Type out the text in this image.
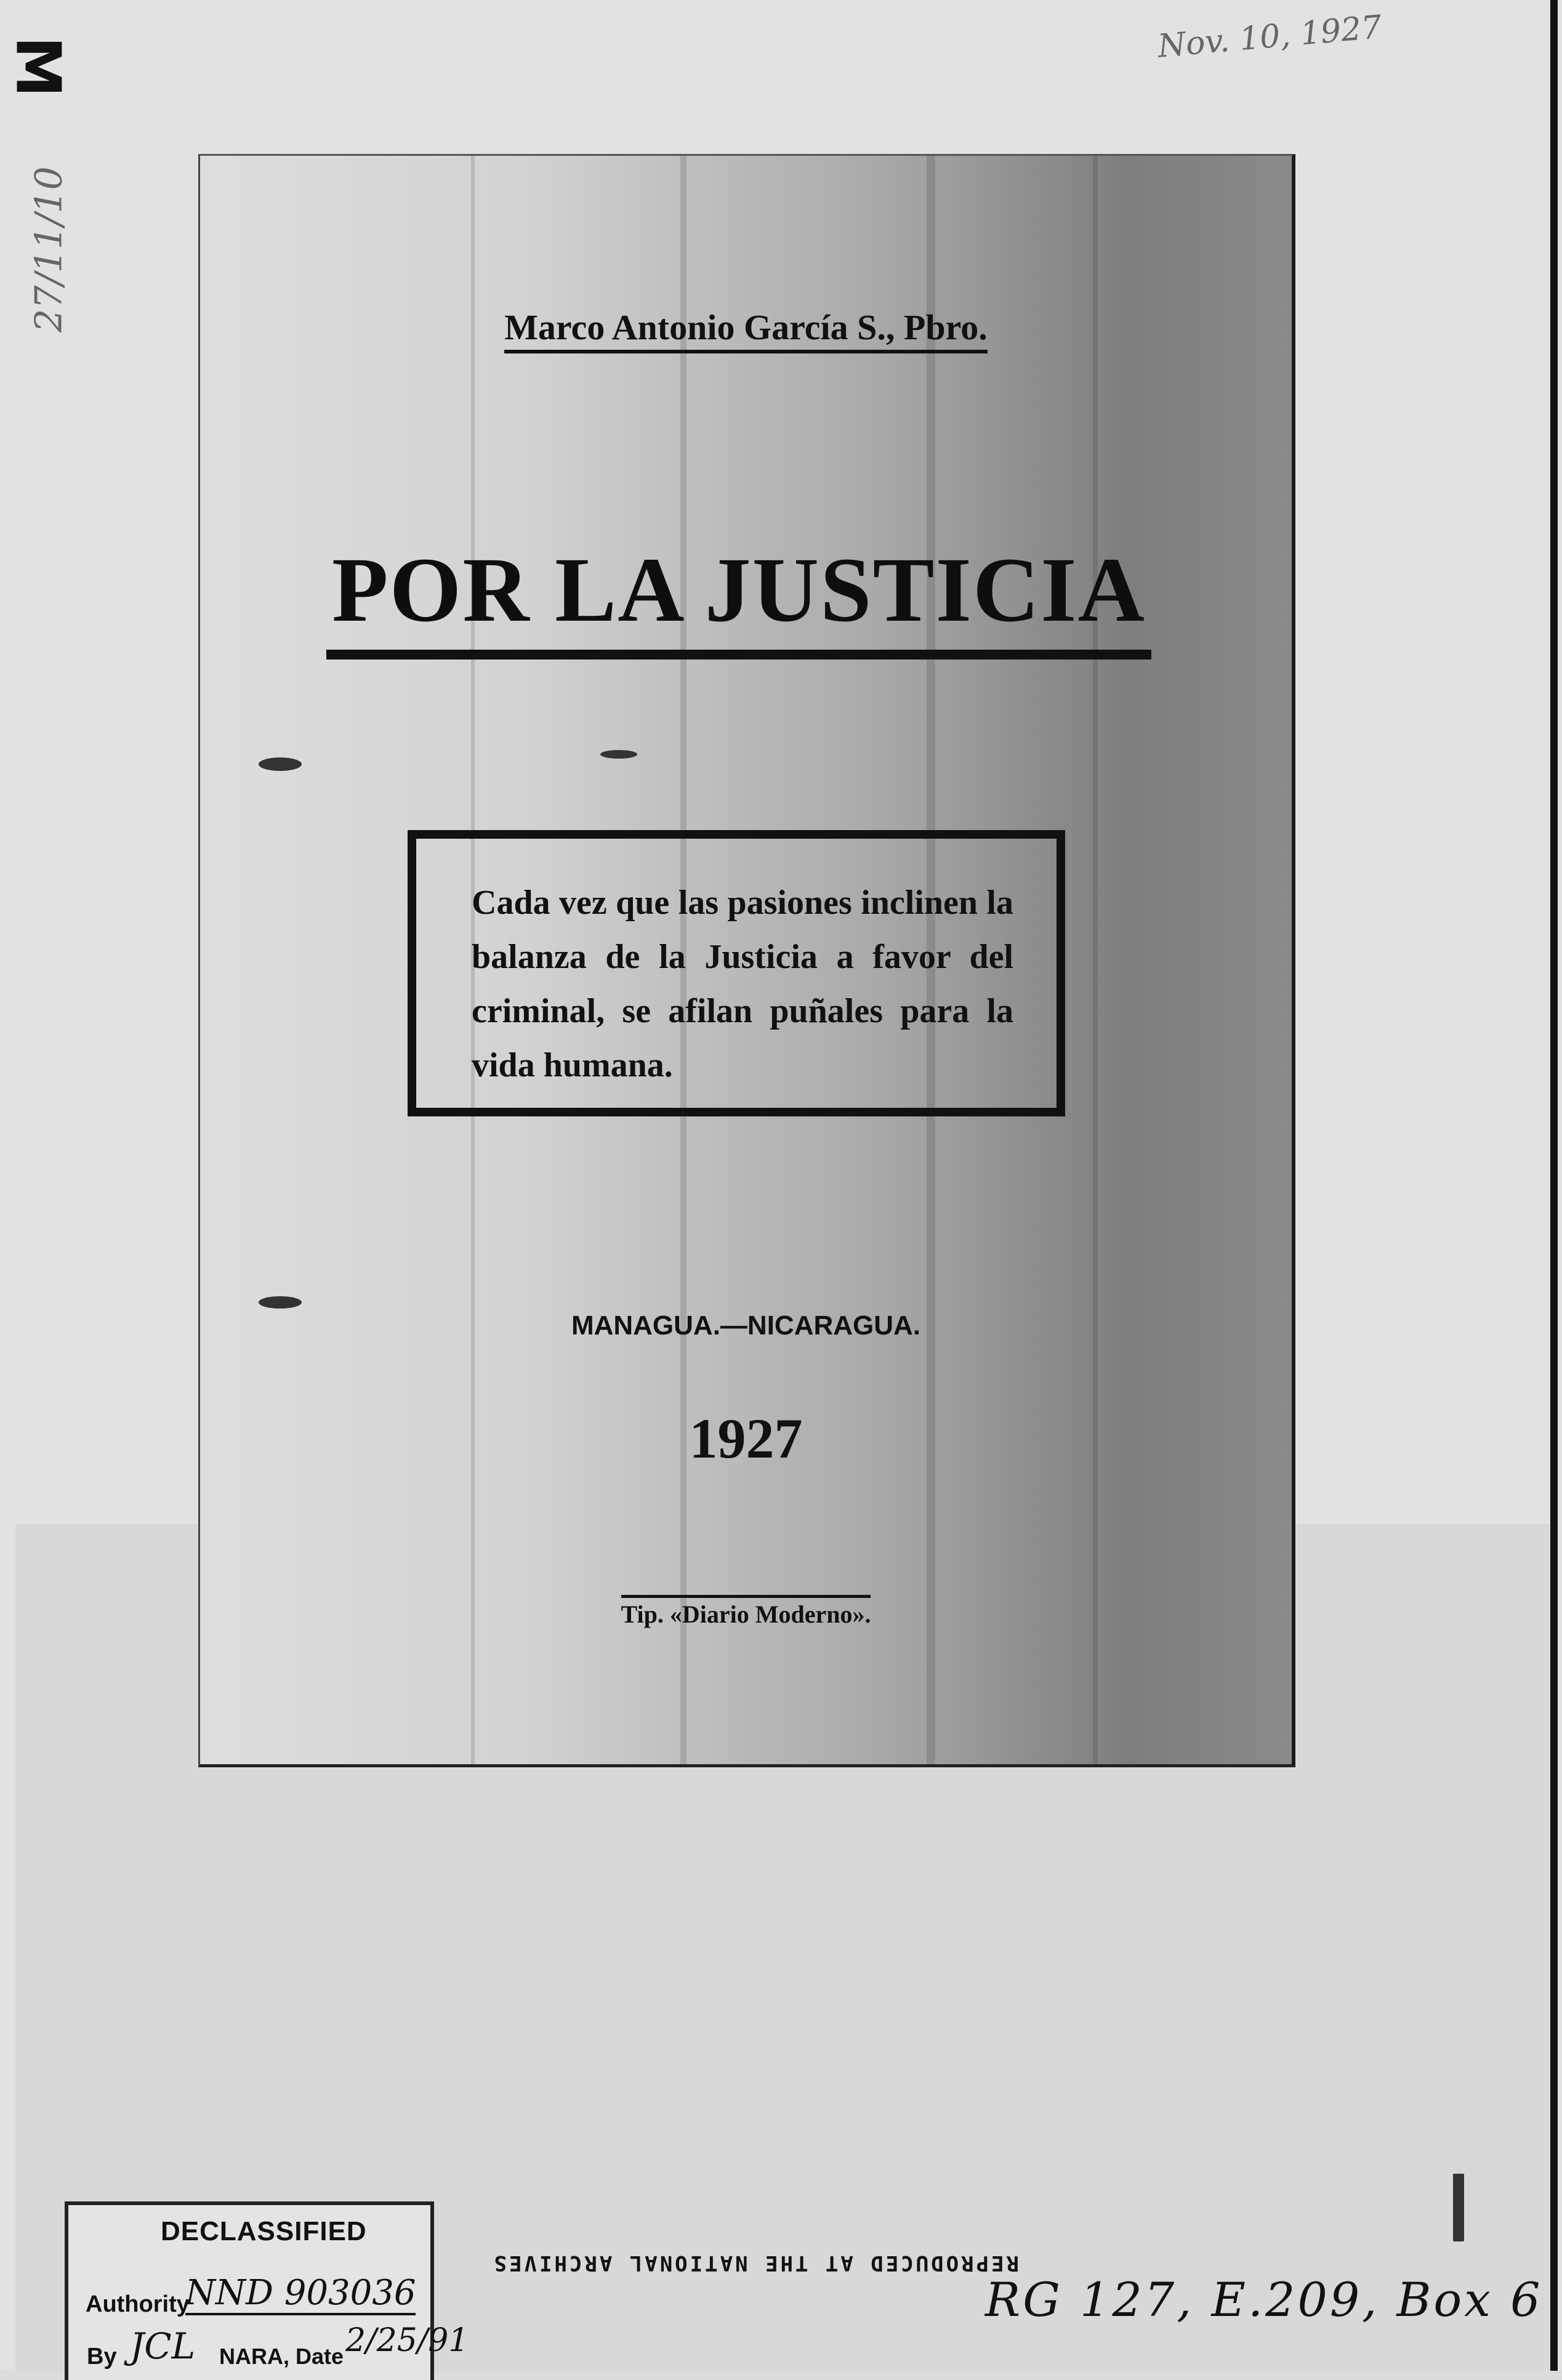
M
27/11/10
Nov. 10, 1927
Marco Antonio García S., Pbro.
POR LA JUSTICIA

Cada vez que las pasiones inclinen la balanza de la Justicia a favor del criminal, se afilan puñales para la vida humana.

MANAGUA.—NICARAGUA.
1927
Tip. «Diario Moderno».
DECLASSIFIED
Authority
NND 903036
By JCL NARA, Date 2/25/91
REPRODUCED AT THE NATIONAL ARCHIVES
RG 127, E.209, Box 6
